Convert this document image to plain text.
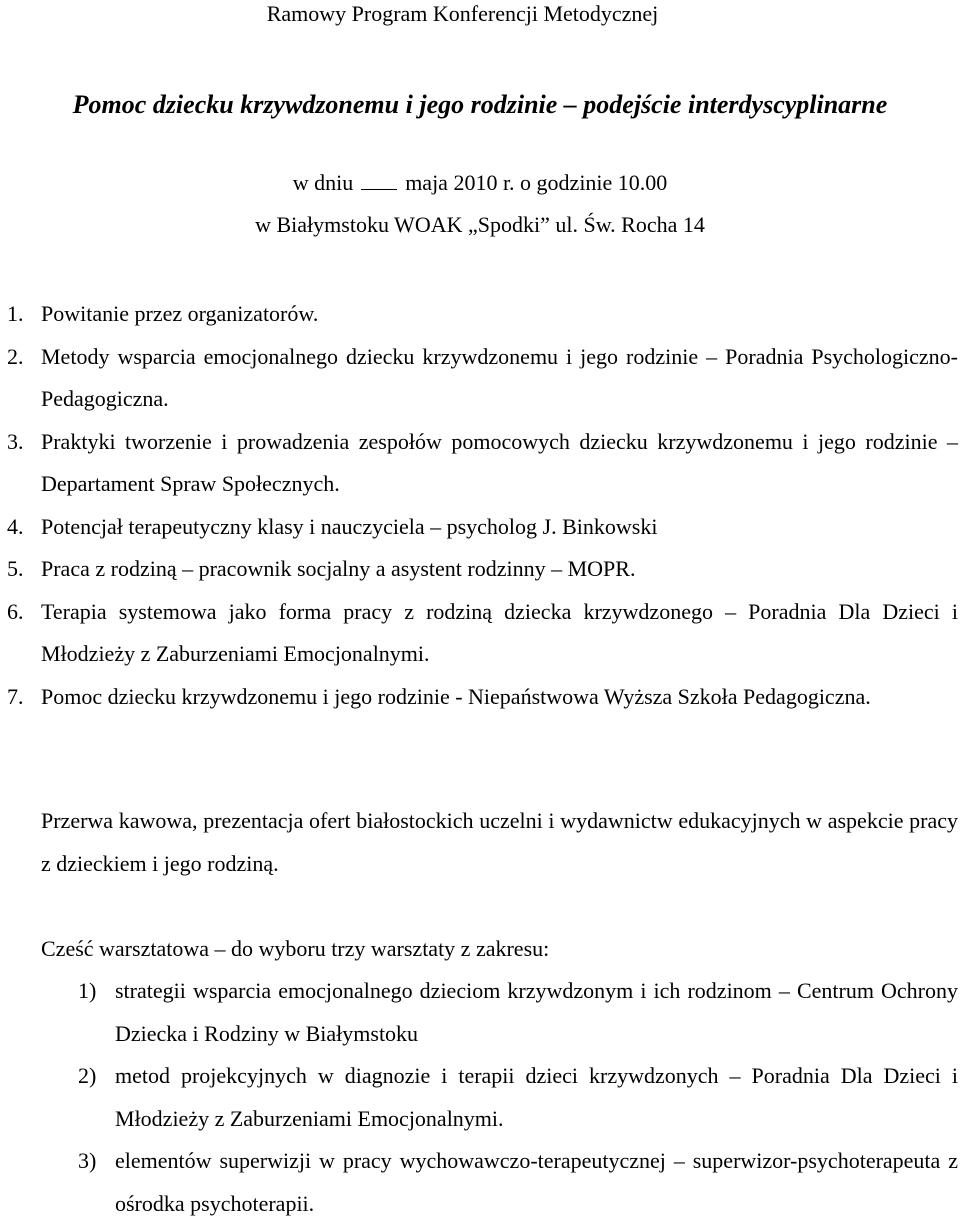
Ramowy Program Konferencji Metodycznej
Pomoc dziecku krzywdzonemu i jego rodzinie – podejście interdyscyplinarne
w dniu maja 2010 r. o godzinie 10.00
w Białymstoku WOAK „Spodki” ul. Św. Rocha 14
1. Powitanie przez organizatorów.
2. Metody wsparcia emocjonalnego dziecku krzywdzonemu i jego rodzinie – Poradnia Psychologiczno-Pedagogiczna.
3. Praktyki tworzenie i prowadzenia zespołów pomocowych dziecku krzywdzonemu i jego rodzinie – Departament Spraw Społecznych.
4. Potencjał terapeutyczny klasy i nauczyciela – psycholog J. Binkowski
5. Praca z rodziną – pracownik socjalny a asystent rodzinny – MOPR.
6. Terapia systemowa jako forma pracy z rodziną dziecka krzywdzonego – Poradnia Dla Dzieci i Młodzieży z Zaburzeniami Emocjonalnymi.
7. Pomoc dziecku krzywdzonemu i jego rodzinie - Niepaństwowa Wyższa Szkoła Pedagogiczna.

Przerwa kawowa, prezentacja ofert białostockich uczelni i wydawnictw edukacyjnych w aspekcie pracy z dzieckiem i jego rodziną.

Cześć warsztatowa – do wyboru trzy warsztaty z zakresu:

1) strategii wsparcia emocjonalnego dzieciom krzywdzonym i ich rodzinom – Centrum Ochrony Dziecka i Rodziny w Białymstoku
2) metod projekcyjnych w diagnozie i terapii dzieci krzywdzonych – Poradnia Dla Dzieci i Młodzieży z Zaburzeniami Emocjonalnymi.
3) elementów superwizji w pracy wychowawczo-terapeutycznej – superwizor-psychoterapeuta z ośrodka psychoterapii.
